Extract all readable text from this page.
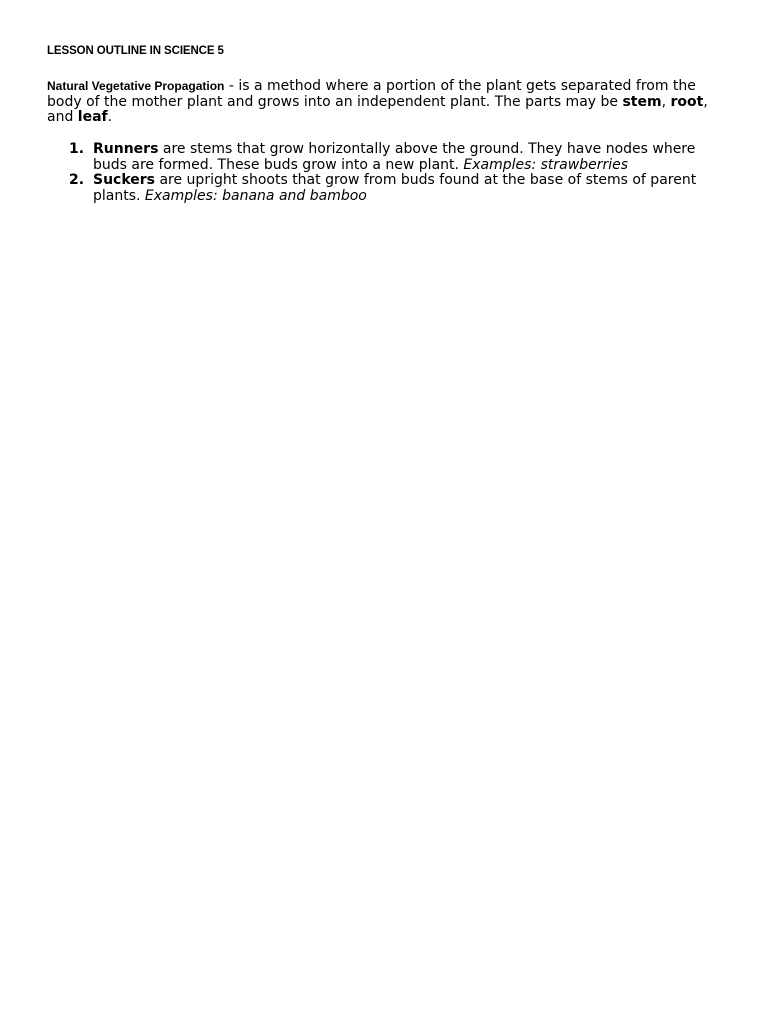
LESSON OUTLINE IN SCIENCE 5

Natural Vegetative Propagation - is a method where a portion of the plant gets separated from the body of the mother plant and grows into an independent plant. The parts may be stem, root, and leaf.

1. Runners are stems that grow horizontally above the ground. They have nodes where buds are formed. These buds grow into a new plant. Examples: strawberries
2. Suckers are upright shoots that grow from buds found at the base of stems of parent plants. Examples: banana and bamboo
